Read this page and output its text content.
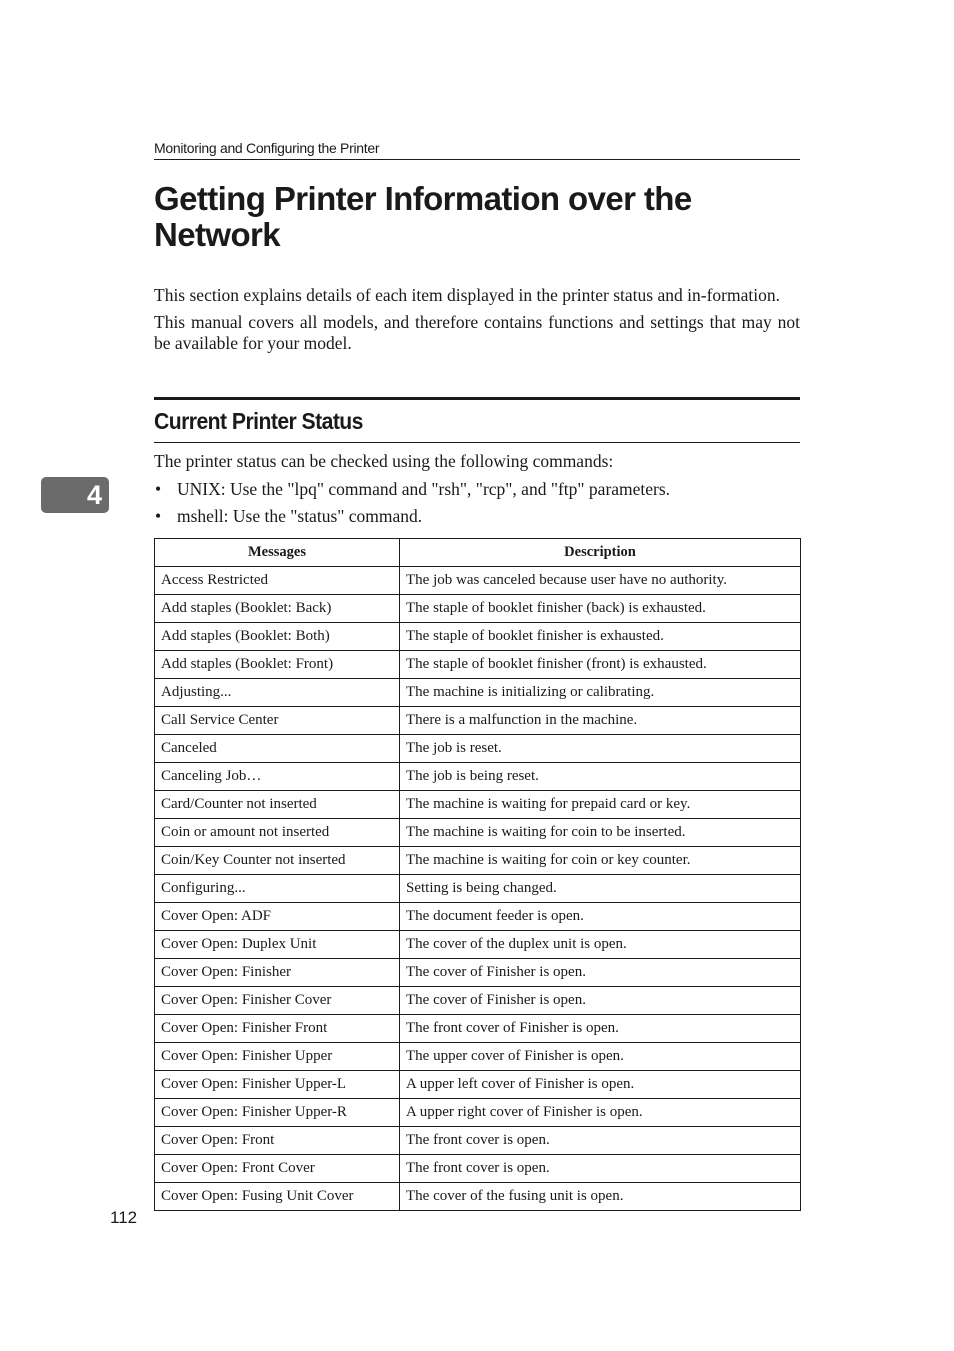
Monitoring and Configuring the Printer
Getting Printer Information over the Network

This section explains details of each item displayed in the printer status and in-formation.

This manual covers all models, and therefore contains functions and settings that may not be available for your model.

Current Printer Status
The printer status can be checked using the following commands:
• UNIX: Use the "lpq" command and "rsh", "rcp", and "ftp" parameters.
• mshell: Use the "status" command.
4
Messages	Description
Access Restricted	The job was canceled because user have no authority.
Add staples (Booklet: Back)	The staple of booklet finisher (back) is exhausted.
Add staples (Booklet: Both)	The staple of booklet finisher is exhausted.
Add staples (Booklet: Front)	The staple of booklet finisher (front) is exhausted.
Adjusting...	The machine is initializing or calibrating.
Call Service Center	There is a malfunction in the machine.
Canceled	The job is reset.
Canceling Job…	The job is being reset.
Card/Counter not inserted	The machine is waiting for prepaid card or key.
Coin or amount not inserted	The machine is waiting for coin to be inserted.
Coin/Key Counter not inserted	The machine is waiting for coin or key counter.
Configuring...	Setting is being changed.
Cover Open: ADF	The document feeder is open.
Cover Open: Duplex Unit	The cover of the duplex unit is open.
Cover Open: Finisher	The cover of Finisher is open.
Cover Open: Finisher Cover	The cover of Finisher is open.
Cover Open: Finisher Front	The front cover of Finisher is open.
Cover Open: Finisher Upper	The upper cover of Finisher is open.
Cover Open: Finisher Upper-L	A upper left cover of Finisher is open.
Cover Open: Finisher Upper-R	A upper right cover of Finisher is open.
Cover Open: Front	The front cover is open.
Cover Open: Front Cover	The front cover is open.
Cover Open: Fusing Unit Cover	The cover of the fusing unit is open.
112
